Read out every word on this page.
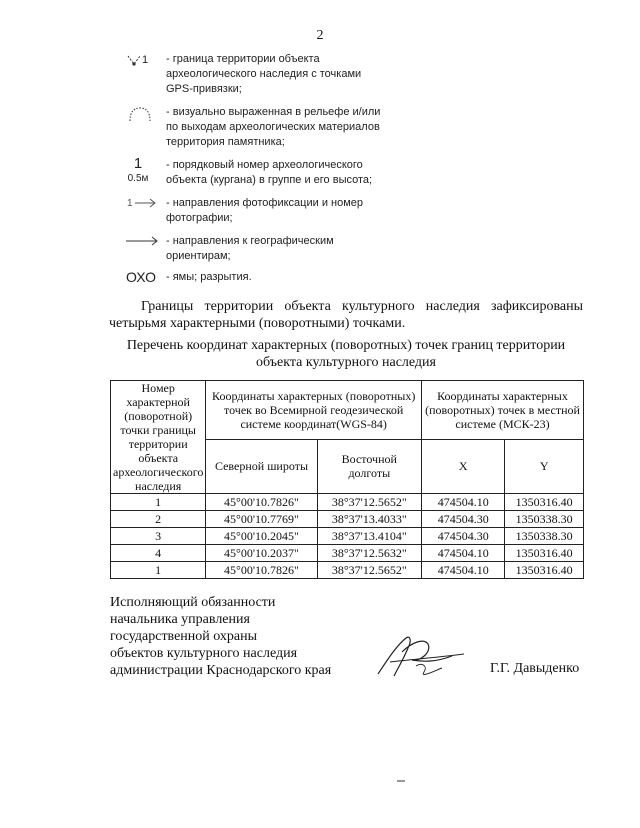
2
1 - граница территории объекта археологического наследия с точками GPS-привязки;
- визуально выраженная в рельефе и/или по выходам археологических материалов территория памятника;
1
0.5м
- порядковый номер археологического объекта (кургана) в группе и его высота;
1	- направления фотофиксации и номер фотографии;
- направления к географическим ориентирам;
ОХО - ямы; разрытия.
Границы территории объекта культурного наследия зафиксированы четырьмя характерными (поворотными) точками.
Перечень координат характерных (поворотных) точек границ территории объекта культурного наследия
Номер характерной (поворотной) точки границы территории объекта археологического наследия	Координаты характерных (поворотных) точек во Всемирной геодезической системе координат(WGS-84)		Координаты характерных (поворотных) точек в местной системе (МСК-23)	
	Северной широты	Восточной долготы	X	Y
1	45°00'10.7826"	38°37'12.5652"	474504.10	1350316.40
2	45°00'10.7769"	38°37'13.4033"	474504.30	1350338.30
3	45°00'10.2045"	38°37'13.4104"	474504.30	1350338.30
4	45°00'10.2037"	38°37'12.5632"	474504.10	1350316.40
1	45°00'10.7826"	38°37'12.5652"	474504.10	1350316.40
Исполняющий обязанности
начальника управления
государственной охраны
объектов культурного наследия
администрации Краснодарского края	Г.Г. Давыденко
